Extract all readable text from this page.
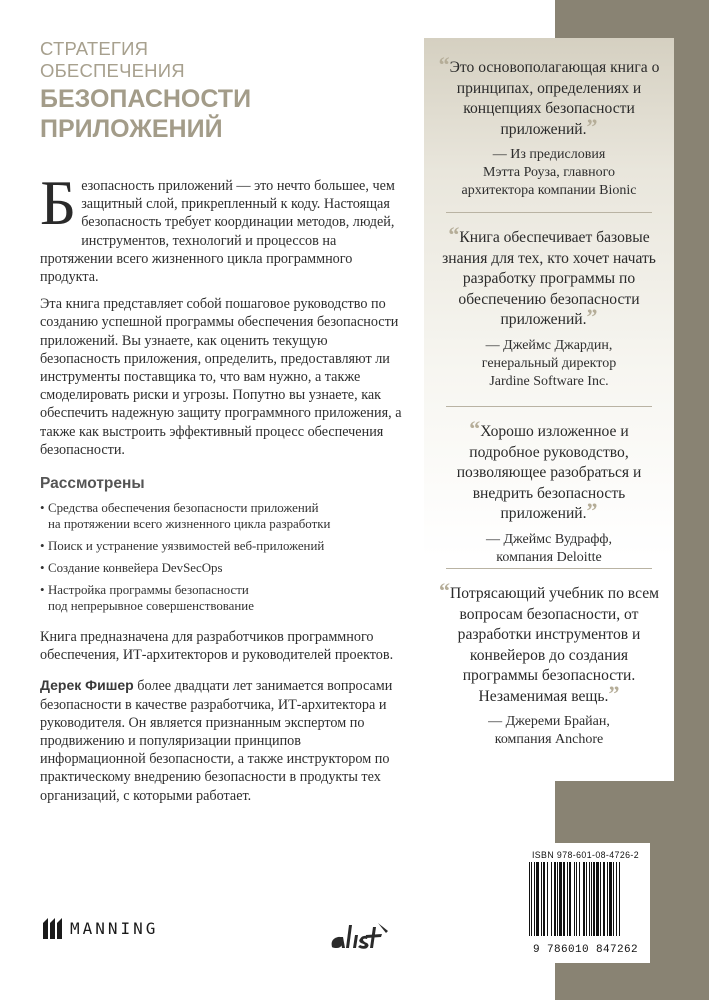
СТРАТЕГИЯ
ОБЕСПЕЧЕНИЯ
БЕЗОПАСНОСТИ
ПРИЛОЖЕНИЙ

Безопасность приложений — это нечто большее, чем защитный слой, прикрепленный к коду. Настоящая безопасность требует координации методов, людей, инструментов, технологий и процессов на протяжении всего жизненного цикла программного продукта.

Эта книга представляет собой пошаговое руководство по созданию успешной программы обеспечения безопасности приложений. Вы узнаете, как оценить текущую безопасность приложения, определить, предоставляют ли инструменты поставщика то, что вам нужно, а также смоделировать риски и угрозы. Попутно вы узнаете, как обеспечить надежную защиту программного приложения, а также как выстроить эффективный процесс обеспечения безопасности.

Рассмотрены
• Средства обеспечения безопасности приложений
на протяжении всего жизненного цикла разработки
• Поиск и устранение уязвимостей веб-приложений
• Создание конвейера DevSecOps
• Настройка программы безопасности
под непрерывное совершенствование

Книга предназначена для разработчиков программного обеспечения, ИТ-архитекторов и руководителей проектов.

Дерек Фишер более двадцати лет занимается вопросами безопасности в качестве разработчика, ИТ-архитектора и руководителя. Он является признанным экспертом по продвижению и популяризации принципов информационной безопасности, а также инструктором по практическому внедрению безопасности в продукты тех организаций, с которыми работает.

“Это основополагающая книга о принципах, определениях и концепциях безопасности приложений.”
— Из предисловия
Мэтта Роуза, главного
архитектора компании Bionic
“Книга обеспечивает базовые знания для тех, кто хочет начать разработку программы по обеспечению безопасности приложений.”
— Джеймс Джардин,
генеральный директор
Jardine Software Inc.
“Хорошо изложенное и подробное руководство, позволяющее разобраться и внедрить безопасность приложений.”
— Джеймс Вудрафф,
компания Deloitte
“Потрясающий учебник по всем вопросам безопасности, от разработки инструментов и конвейеров до создания программы безопасности. Незаменимая вещь.”
— Джереми Брайан,
компания Anchore
ISBN 978-601-08-4726-2
9 786010 847262
MANNING
